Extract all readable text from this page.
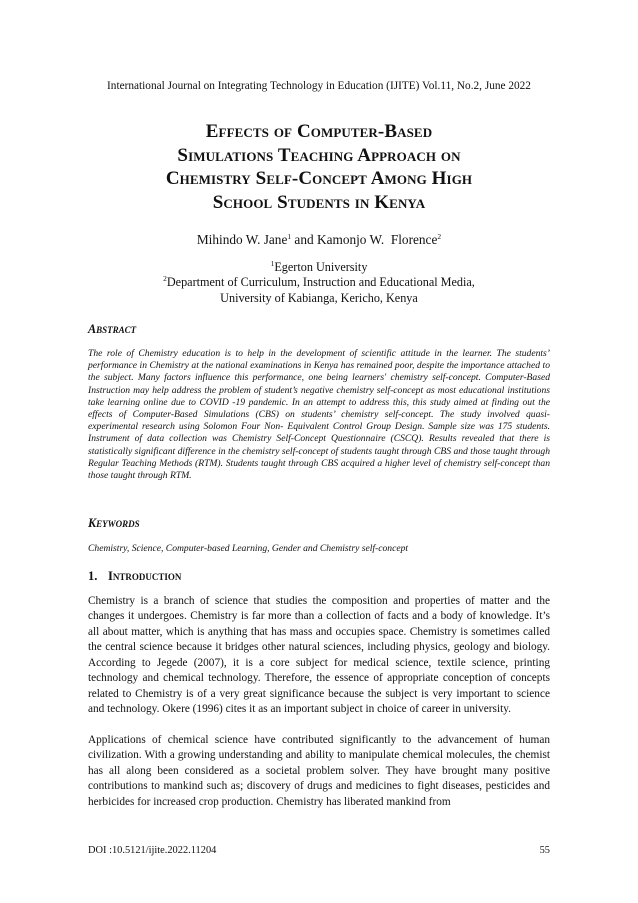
International Journal on Integrating Technology in Education (IJITE) Vol.11, No.2, June 2022
Effects of Computer-Based
Simulations Teaching Approach on
Chemistry Self-Concept Among High
School Students in Kenya
Mihindo W. Jane$^1$ and Kamonjo W.  Florence$^2$
$^1$Egerton University
$^2$Department of Curriculum, Instruction and Educational Media,
University of Kabianga, Kericho, Kenya
Abstract

The role of Chemistry education is to help in the development of scientific attitude in the learner. The students’ performance in Chemistry at the national examinations in Kenya has remained poor, despite the importance attached to the subject. Many factors influence this performance, one being learners' chemistry self-concept. Computer-Based Instruction may help address the problem of student’s negative chemistry self-concept as most educational institutions take learning online due to COVID -19 pandemic. In an attempt to address this, this study aimed at finding out the effects of Computer-Based Simulations (CBS) on students’ chemistry self-concept. The study involved quasi-experimental research using Solomon Four Non- Equivalent Control Group Design. Sample size was 175 students. Instrument of data collection was Chemistry Self-Concept Questionnaire (CSCQ). Results revealed that there is statistically significant difference in the chemistry self-concept of students taught through CBS and those taught through Regular Teaching Methods (RTM). Students taught through CBS acquired a higher level of chemistry self-concept than those taught through RTM.

Keywords

Chemistry, Science, Computer-based Learning, Gender and Chemistry self-concept

1. Introduction

Chemistry is a branch of science that studies the composition and properties of matter and the changes it undergoes. Chemistry is far more than a collection of facts and a body of knowledge. It’s all about matter, which is anything that has mass and occupies space. Chemistry is sometimes called the central science because it bridges other natural sciences, including physics, geology and biology. According to Jegede (2007), it is a core subject for medical science, textile science, printing technology and chemical technology. Therefore, the essence of appropriate conception of concepts related to Chemistry is of a very great significance because the subject is very important to science and technology. Okere (1996) cites it as an important subject in choice of career in university.

Applications of chemical science have contributed significantly to the advancement of human civilization. With a growing understanding and ability to manipulate chemical molecules, the chemist has all along been considered as a societal problem solver. They have brought many positive contributions to mankind such as; discovery of drugs and medicines to fight diseases, pesticides and herbicides for increased crop production. Chemistry has liberated mankind from

DOI :10.5121/ijite.2022.11204	55
